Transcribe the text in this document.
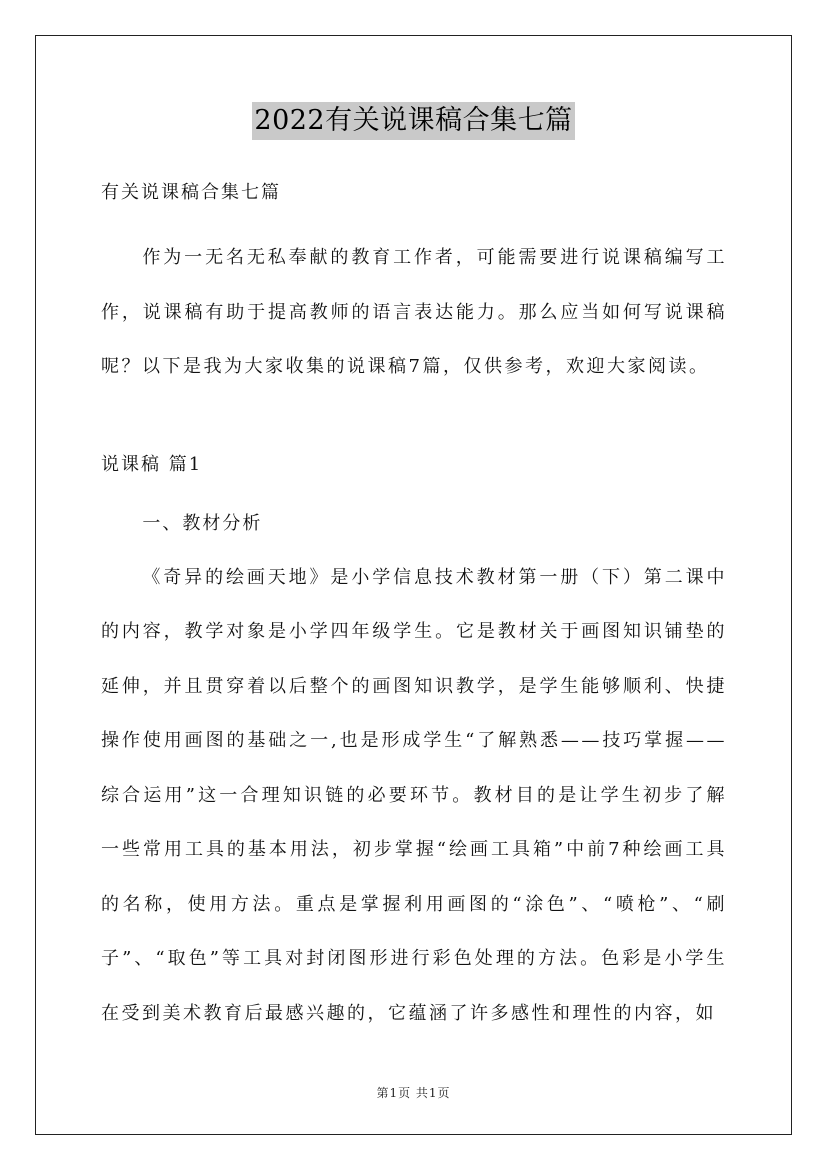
2022有关说课稿合集七篇
有关说课稿合集七篇

作为一无名无私奉献的教育工作者，可能需要进行说课稿编写工作，说课稿有助于提高教师的语言表达能力。那么应当如何写说课稿呢？以下是我为大家收集的说课稿7篇，仅供参考，欢迎大家阅读。

说课稿 篇1
一、教材分析

《奇异的绘画天地》是小学信息技术教材第一册（下）第二课中的内容，教学对象是小学四年级学生。它是教材关于画图知识铺垫的延伸，并且贯穿着以后整个的画图知识教学，是学生能够顺利、快捷操作使用画图的基础之一,也是形成学生“了解熟悉——技巧掌握——综合运用”这一合理知识链的必要环节。教材目的是让学生初步了解一些常用工具的基本用法，初步掌握“绘画工具箱”中前7种绘画工具的名称，使用方法。重点是掌握利用画图的“涂色”、“喷枪”、“刷子”、“取色”等工具对封闭图形进行彩色处理的方法。色彩是小学生在受到美术教育后最感兴趣的，它蕴涵了许多感性和理性的内容，如

第1页 共1页
